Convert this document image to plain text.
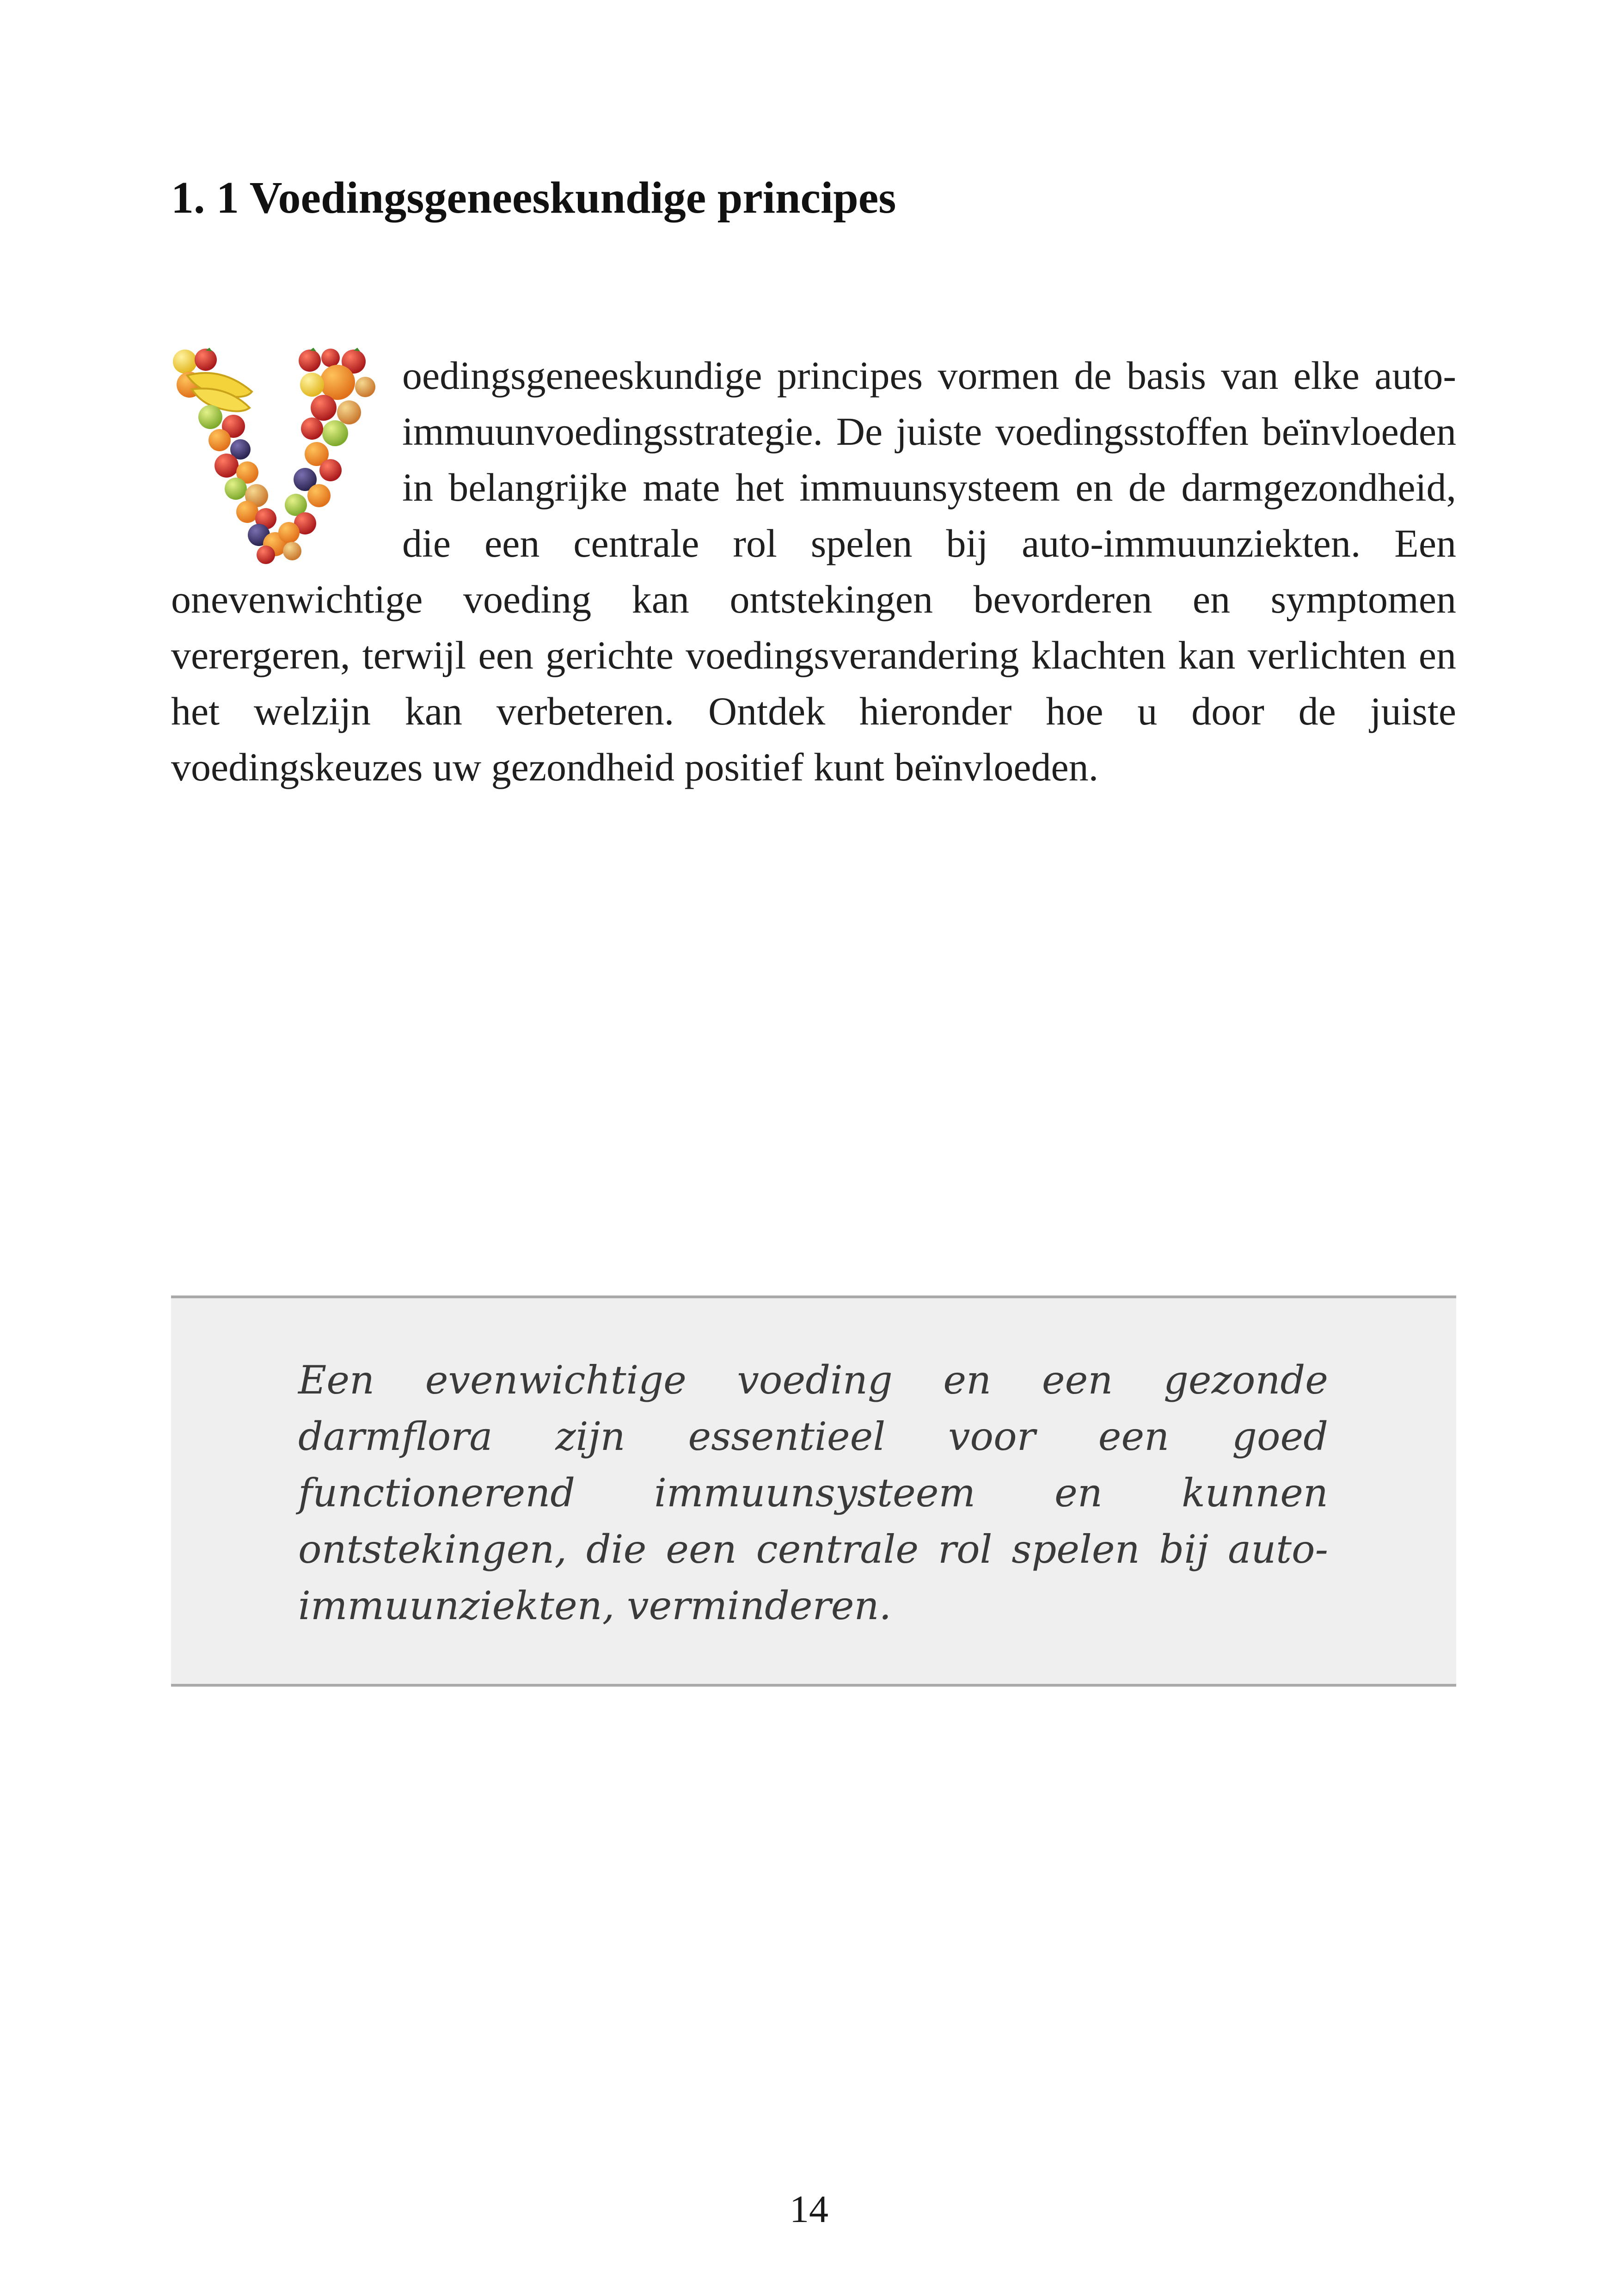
1. 1 Voedingsgeneeskundige principes

oedingsgeneeskundige principes vormen de basis van elke auto-immuunvoedingsstrategie. De juiste voedingsstoffen beïnvloeden in belangrijke mate het immuunsysteem en de darmgezondheid, die een centrale rol spelen bij auto-immuunziekten. Een onevenwichtige voeding kan ontstekingen bevorderen en symptomen verergeren, terwijl een gerichte voedingsverandering klachten kan verlichten en het welzijn kan verbeteren. Ontdek hieronder hoe u door de juiste voedingskeuzes uw gezondheid positief kunt beïnvloeden.

Een evenwichtige voeding en een gezonde darmflora zijn essentieel voor een goed functionerend immuunsysteem en kunnen ontstekingen, die een centrale rol spelen bij auto-immuunziekten, verminderen.

14
